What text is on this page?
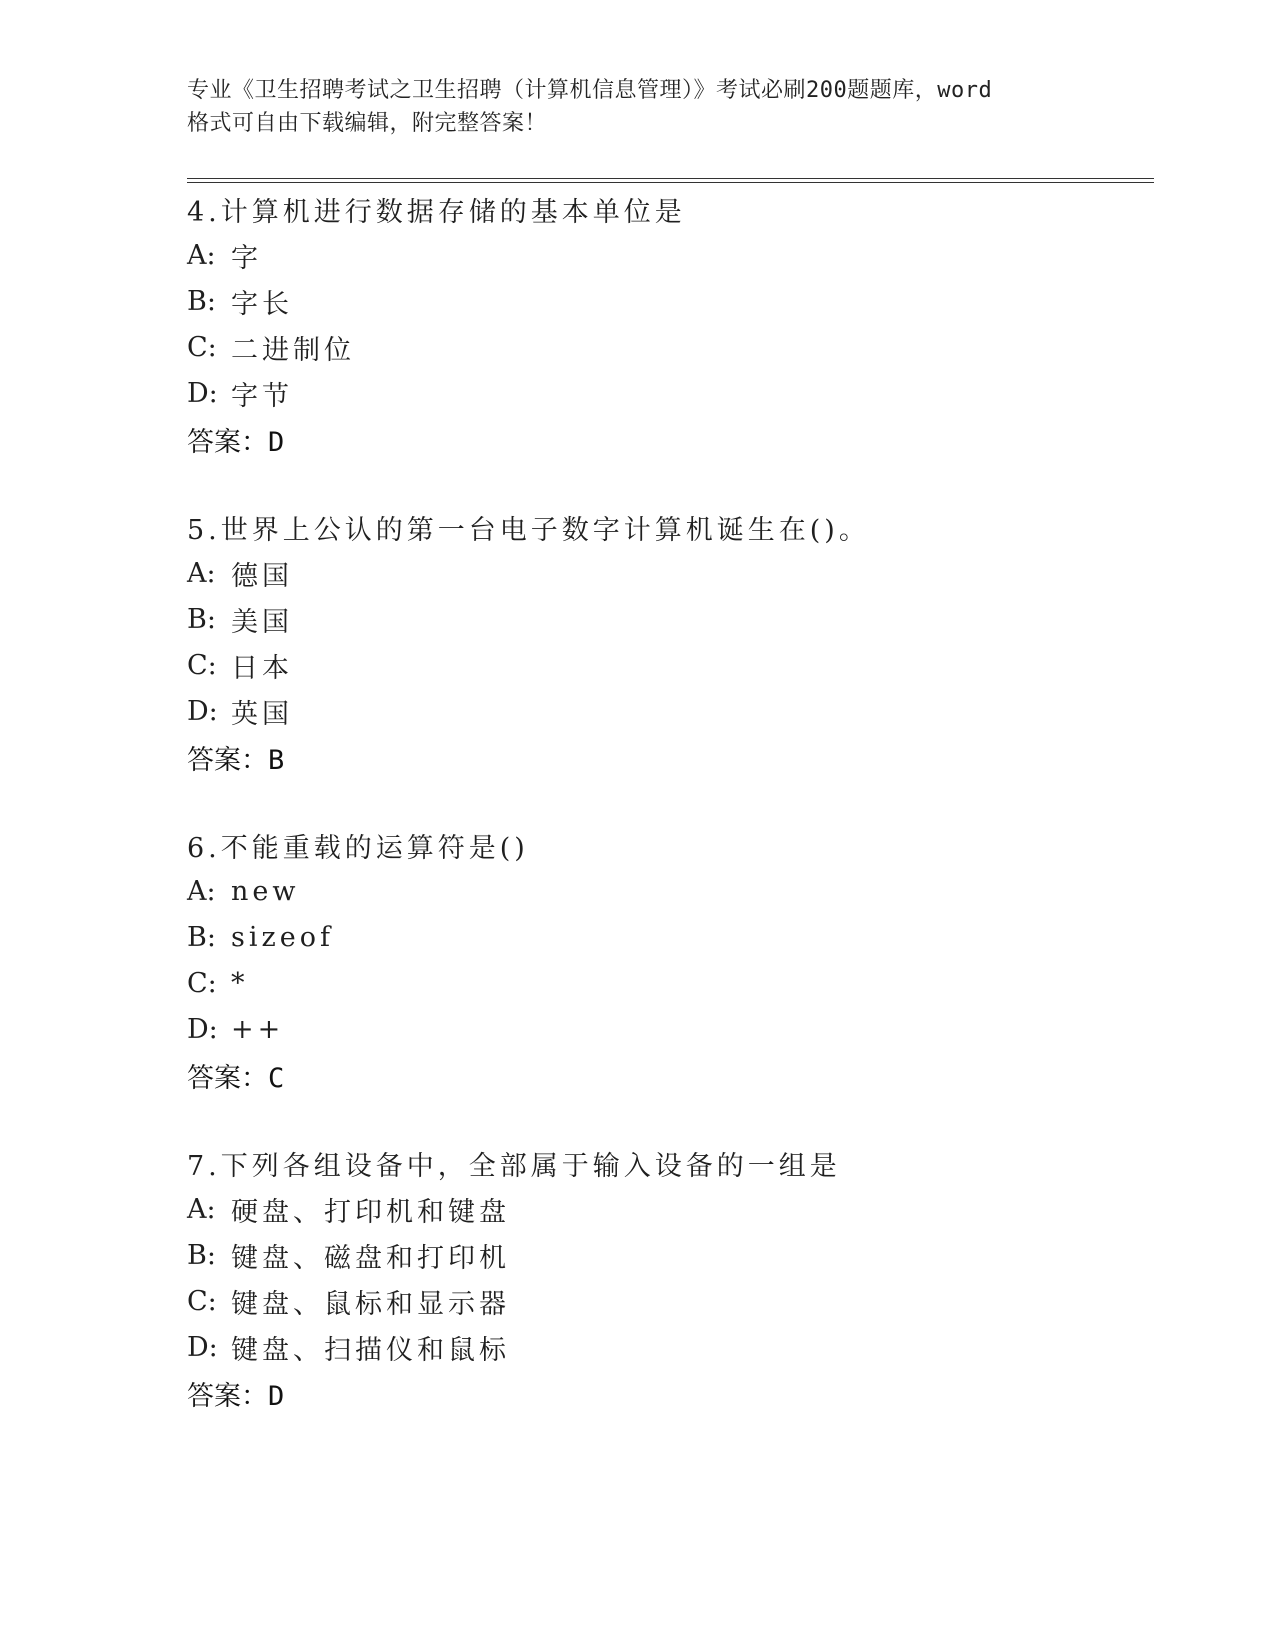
专业《卫生招聘考试之卫生招聘（计算机信息管理）》考试必刷200题题库，word
格式可自由下载编辑，附完整答案！
4.计算机进行数据存储的基本单位是
A: 字
B: 字长
C: 二进制位
D: 字节
答案：D
5.世界上公认的第一台电子数字计算机诞生在()。
A: 德国
B: 美国
C: 日本
D: 英国
答案：B
6.不能重载的运算符是()
A: new
B: sizeof
C: *
D: ++
答案：C
7.下列各组设备中，全部属于输入设备的一组是
A: 硬盘、打印机和键盘
B: 键盘、磁盘和打印机
C: 键盘、鼠标和显示器
D: 键盘、扫描仪和鼠标
答案：D
